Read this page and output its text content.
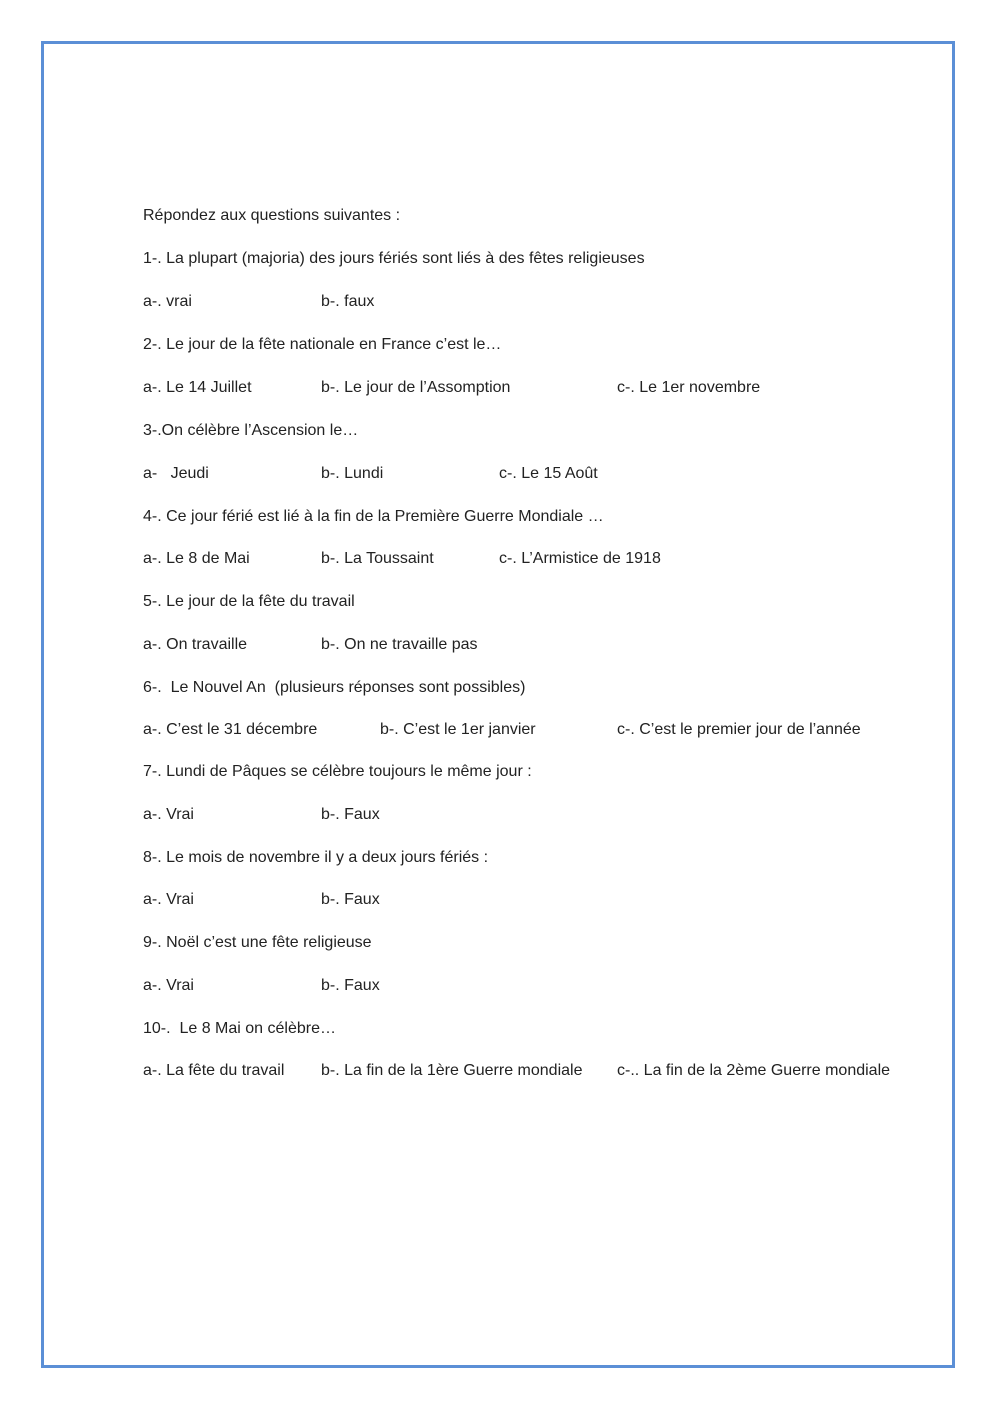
Répondez aux questions suivantes :
1-. La plupart (majoria) des jours fériés sont liés à des fêtes religieuses
a-. vrai	b-. faux
2-. Le jour de la fête nationale en France c’est le…
a-. Le 14 Juillet	b-. Le jour de l’Assomption	c-. Le 1er novembre
3-.On célèbre l’Ascension le…
a-   Jeudi	b-. Lundi	c-. Le 15 Août
4-. Ce jour férié est lié à la fin de la Première Guerre Mondiale …
a-. Le 8 de Mai	b-. La Toussaint	c-. L’Armistice de 1918
5-. Le jour de la fête du travail
a-. On travaille	b-. On ne travaille pas
6-.  Le Nouvel An  (plusieurs réponses sont possibles)
a-. C’est le 31 décembre	b-. C’est le 1er janvier	c-. C’est le premier jour de l’année
7-. Lundi de Pâques se célèbre toujours le même jour :
a-. Vrai	b-. Faux
8-. Le mois de novembre il y a deux jours fériés :
a-. Vrai	b-. Faux
9-. Noël c’est une fête religieuse
a-. Vrai	b-. Faux
10-.  Le 8 Mai on célèbre…
a-. La fête du travail b-. La fin de la 1ère Guerre mondiale c-.. La fin de la 2ème Guerre mondiale
